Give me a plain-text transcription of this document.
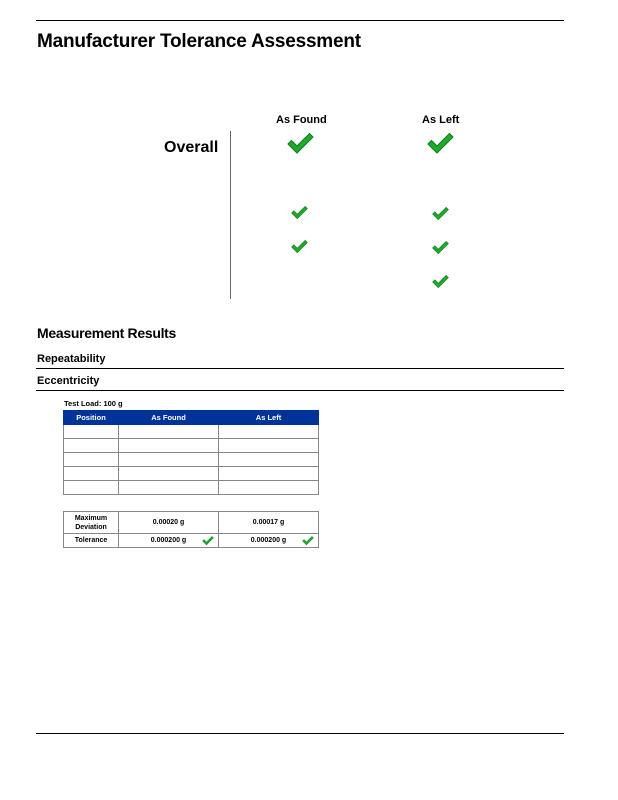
Manufacturer Tolerance Assessment
As Found	As Left
Overall
Measurement Results
Repeatability
Eccentricity
Test Load: 100 g
Position	As Found	As Left

Maximum
Deviation	0.00020 g	0.00017 g
Tolerance	0.000200 g	0.000200 g
